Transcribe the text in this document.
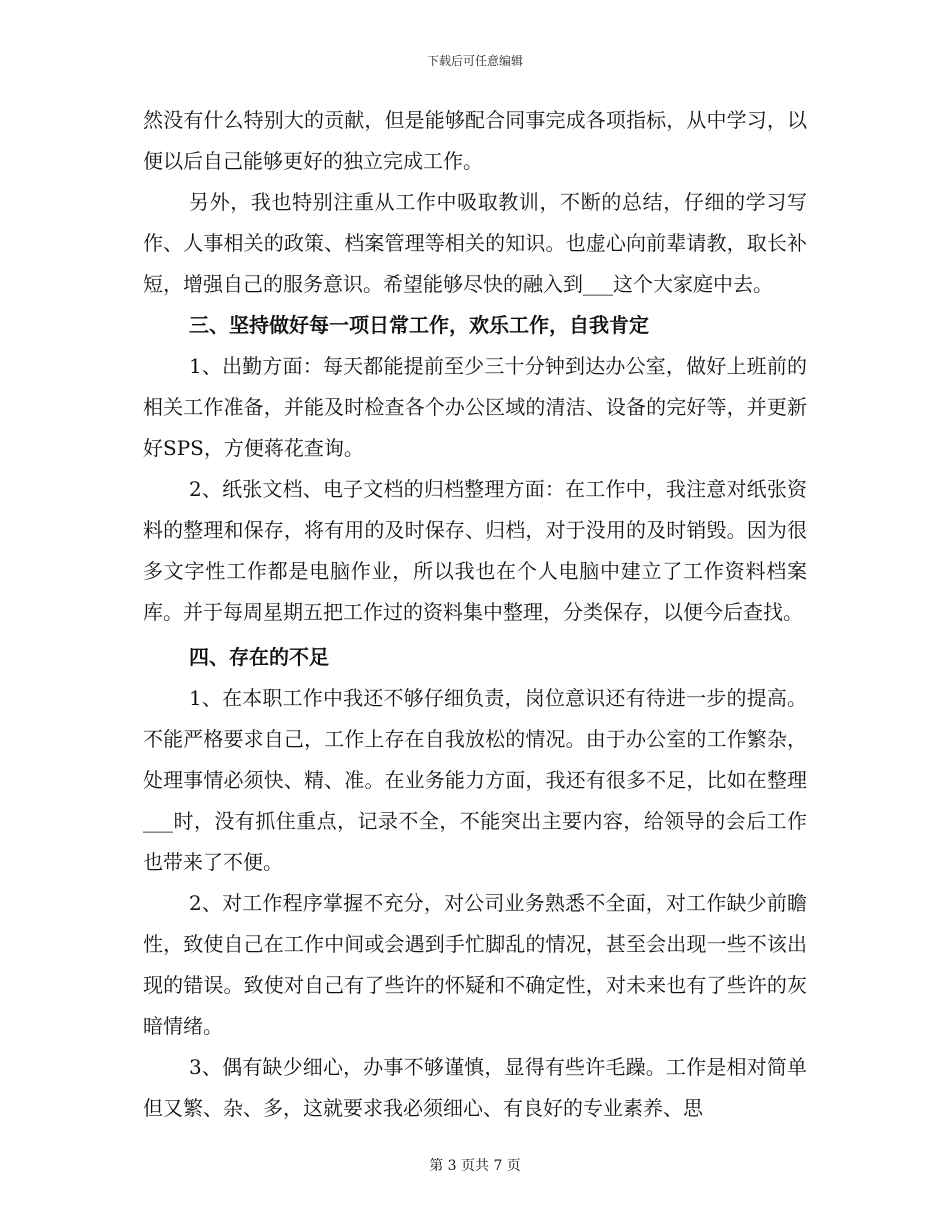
下载后可任意编辑

然没有什么特别大的贡献，但是能够配合同事完成各项指标，从中学习，以便以后自己能够更好的独立完成工作。

另外，我也特别注重从工作中吸取教训，不断的总结，仔细的学习写作、人事相关的政策、档案管理等相关的知识。也虚心向前辈请教，取长补短，增强自己的服务意识。希望能够尽快的融入到___这个大家庭中去。

三、坚持做好每一项日常工作，欢乐工作，自我肯定

1、出勤方面：每天都能提前至少三十分钟到达办公室，做好上班前的相关工作准备，并能及时检查各个办公区域的清洁、设备的完好等，并更新好SPS，方便蒋花查询。

2、纸张文档、电子文档的归档整理方面：在工作中，我注意对纸张资料的整理和保存，将有用的及时保存、归档，对于没用的及时销毁。因为很多文字性工作都是电脑作业，所以我也在个人电脑中建立了工作资料档案库。并于每周星期五把工作过的资料集中整理，分类保存，以便今后查找。

四、存在的不足

1、在本职工作中我还不够仔细负责，岗位意识还有待进一步的提高。不能严格要求自己，工作上存在自我放松的情况。由于办公室的工作繁杂，处理事情必须快、精、准。在业务能力方面，我还有很多不足，比如在整理___时，没有抓住重点，记录不全，不能突出主要内容，给领导的会后工作也带来了不便。

2、对工作程序掌握不充分，对公司业务熟悉不全面，对工作缺少前瞻性，致使自己在工作中间或会遇到手忙脚乱的情况，甚至会出现一些不该出现的错误。致使对自己有了些许的怀疑和不确定性，对未来也有了些许的灰暗情绪。

3、偶有缺少细心，办事不够谨慎，显得有些许毛躁。工作是相对简单但又繁、杂、多，这就要求我必须细心、有良好的专业素养、思

第 3 页共 7 页
